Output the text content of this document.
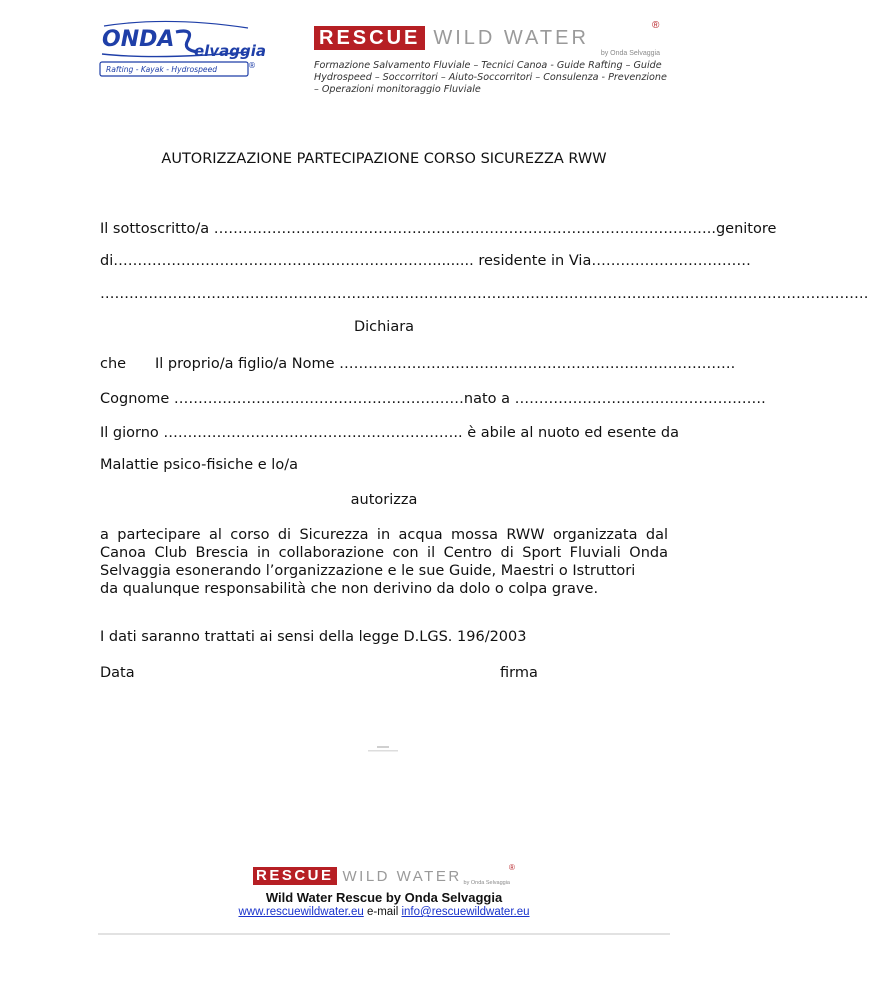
ONDA elvaggia
Rafting - Kayak - Hydrospeed	®
RESCUE WILD WATER
®
by Onda Selvaggia
Formazione Salvamento Fluviale – Tecnici Canoa - Guide Rafting – Guide Hydrospeed – Soccorritori – Aiuto-Soccorritori – Consulenza - Prevenzione – Operazioni monitoraggio Fluviale
AUTORIZZAZIONE PARTECIPAZIONE CORSO SICUREZZA RWW
Il sottoscritto/a …………………………………………………………………………………………..genitore
di…………………………………………………………......... residente in Via……………………………
……………………………………………………………………………………………………………………………………………
Dichiara
che Il proprio/a figlio/a Nome ……………………………………………………………………….
Cognome ……………………………………………………nato a …………………………………………….
Il giorno …………………………………………………….. è abile al nuoto ed esente da
Malattie psico-fisiche e lo/a
autorizza
a partecipare al corso di Sicurezza in acqua mossa RWW organizzata dal
Canoa Club Brescia in collaborazione con il Centro di Sport Fluviali Onda
Selvaggia esonerando l’organizzazione e le sue Guide, Maestri o Istruttori
da qualunque responsabilità che non derivino da dolo o colpa grave.
I dati saranno trattati ai sensi della legge D.LGS. 196/2003
Data	firma
RESCUE WILD WATER	®
by Onda Selvaggia
Wild Water Rescue by Onda Selvaggia
www.rescuewildwater.eu e-mail info@rescuewildwater.eu
